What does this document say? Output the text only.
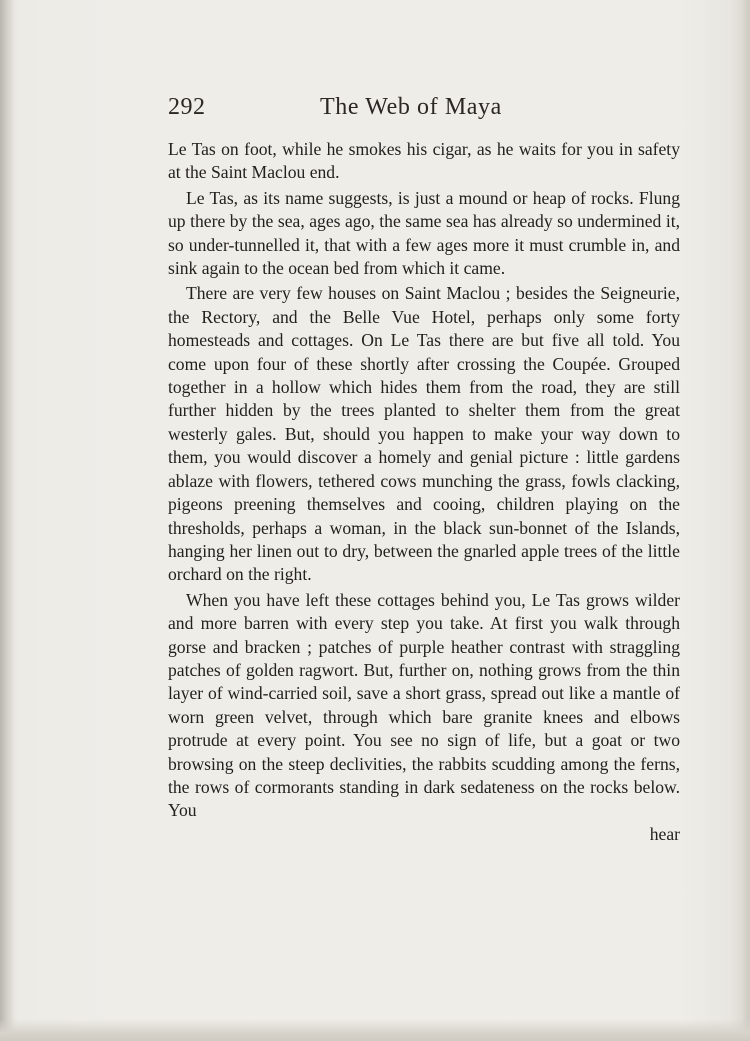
292	The Web of Maya

Le Tas on foot, while he smokes his cigar, as he waits for you in safety at the Saint Maclou end.

Le Tas, as its name suggests, is just a mound or heap of rocks. Flung up there by the sea, ages ago, the same sea has already so undermined it, so under-tunnelled it, that with a few ages more it must crumble in, and sink again to the ocean bed from which it came.

There are very few houses on Saint Maclou ; besides the Seigneurie, the Rectory, and the Belle Vue Hotel, perhaps only some forty homesteads and cottages. On Le Tas there are but five all told. You come upon four of these shortly after crossing the Coupée. Grouped together in a hollow which hides them from the road, they are still further hidden by the trees planted to shelter them from the great westerly gales. But, should you happen to make your way down to them, you would discover a homely and genial picture : little gardens ablaze with flowers, tethered cows munching the grass, fowls clacking, pigeons preening themselves and cooing, children playing on the thresholds, perhaps a woman, in the black sun-bonnet of the Islands, hanging her linen out to dry, between the gnarled apple trees of the little orchard on the right.

When you have left these cottages behind you, Le Tas grows wilder and more barren with every step you take. At first you walk through gorse and bracken ; patches of purple heather contrast with straggling patches of golden ragwort. But, further on, nothing grows from the thin layer of wind-carried soil, save a short grass, spread out like a mantle of worn green velvet, through which bare granite knees and elbows protrude at every point. You see no sign of life, but a goat or two browsing on the steep declivities, the rabbits scudding among the ferns, the rows of cormorants standing in dark sedateness on the rocks below. You

hear
